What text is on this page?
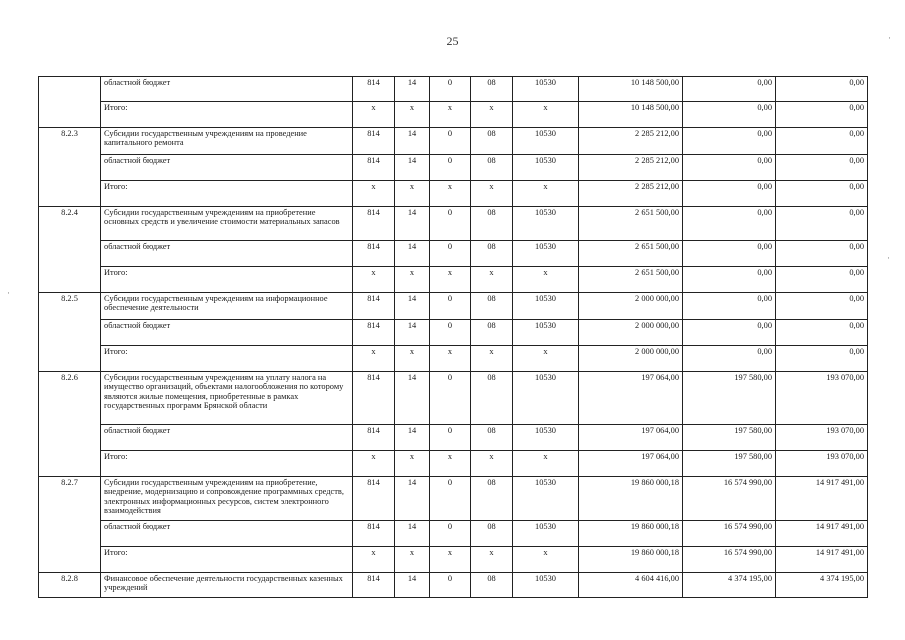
25	·
·
·
	областной бюджет	814	14	0	08	10530	10 148 500,00	0,00	0,00
	Итого:	x	x	x	x	x	10 148 500,00	0,00	0,00
8.2.3	Субсидии государственным учреждениям на проведение капитального ремонта	814	14	0	08	10530	2 285 212,00	0,00	0,00
	областной бюджет	814	14	0	08	10530	2 285 212,00	0,00	0,00
	Итого:	x	x	x	x	x	2 285 212,00	0,00	0,00
8.2.4	Субсидии государственным учреждениям на приобретение основных средств и увеличение стоимости материальных запасов	814	14	0	08	10530	2 651 500,00	0,00	0,00
	областной бюджет	814	14	0	08	10530	2 651 500,00	0,00	0,00
	Итого:	x	x	x	x	x	2 651 500,00	0,00	0,00
8.2.5	Субсидии государственным учреждениям на информационное обеспечение деятельности	814	14	0	08	10530	2 000 000,00	0,00	0,00
	областной бюджет	814	14	0	08	10530	2 000 000,00	0,00	0,00
	Итого:	x	x	x	x	x	2 000 000,00	0,00	0,00
8.2.6	Субсидии государственным учреждениям на уплату налога на имущество организаций, объектами налогообложения по которому являются жилые помещения, приобретенные в рамках государственных программ Брянской области	814	14	0	08	10530	197 064,00	197 580,00	193 070,00
	областной бюджет	814	14	0	08	10530	197 064,00	197 580,00	193 070,00
	Итого:	x	x	x	x	x	197 064,00	197 580,00	193 070,00
8.2.7	Субсидии государственным учреждениям на приобретение, внедрение, модернизацию и сопровождение программных средств, электронных информационных ресурсов, систем электронного взаимодействия	814	14	0	08	10530	19 860 000,18	16 574 990,00	14 917 491,00
	областной бюджет	814	14	0	08	10530	19 860 000,18	16 574 990,00	14 917 491,00
	Итого:	x	x	x	x	x	19 860 000,18	16 574 990,00	14 917 491,00
8.2.8	Финансовое обеспечение деятельности государственных казенных учреждений	814	14	0	08	10530	4 604 416,00	4 374 195,00	4 374 195,00
